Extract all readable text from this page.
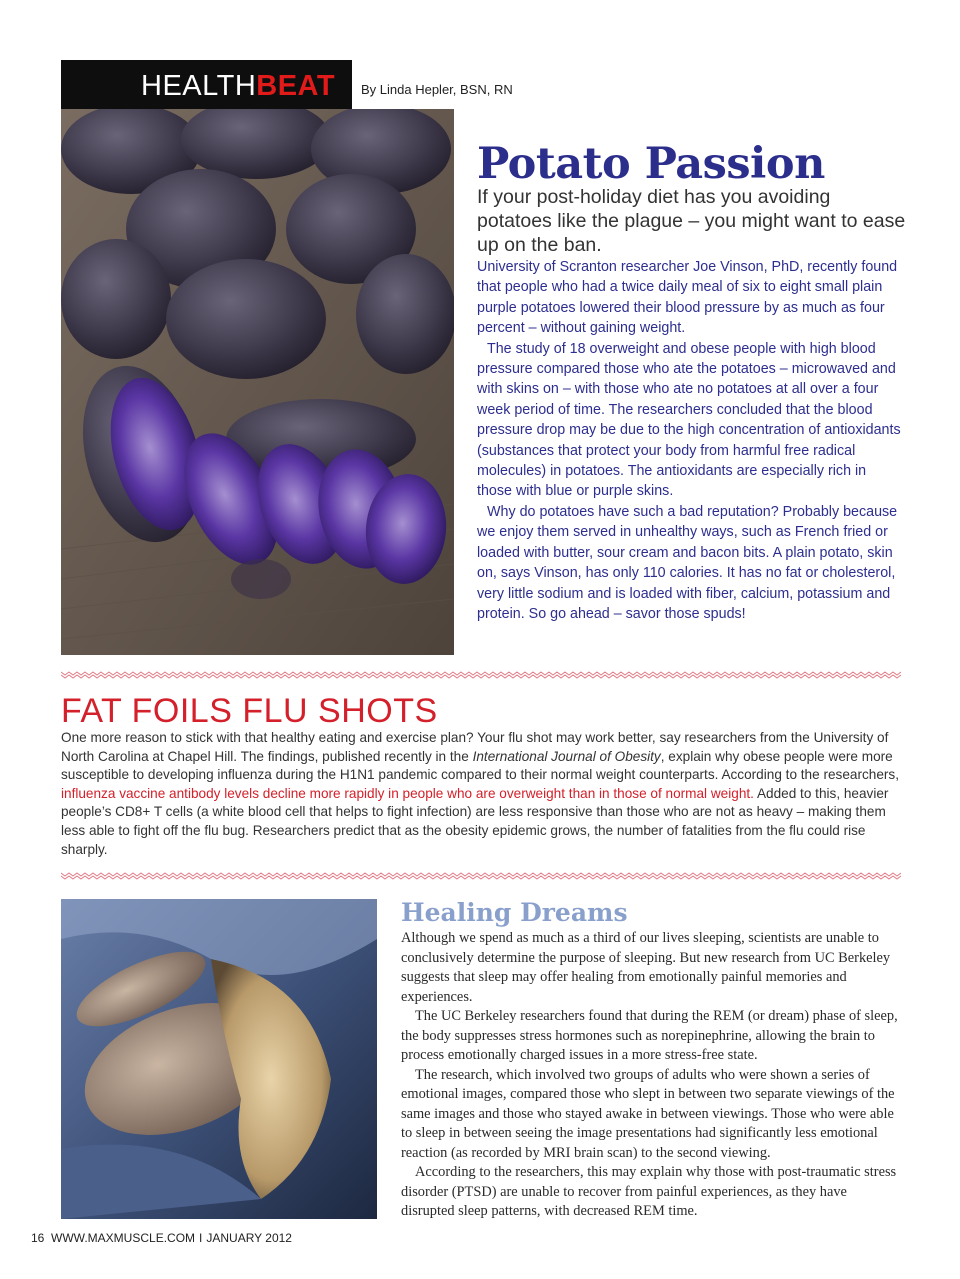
HEALTHBEAT By Linda Hepler, BSN, RN
Potato Passion
If your post-holiday diet has you avoiding potatoes like the plague – you might want to ease up on the ban.

University of Scranton researcher Joe Vinson, PhD, recently found that people who had a twice daily meal of six to eight small plain purple potatoes lowered their blood pressure by as much as four percent – without gaining weight.

The study of 18 overweight and obese people with high blood pressure compared those who ate the potatoes – microwaved and with skins on – with those who ate no potatoes at all over a four week period of time. The researchers concluded that the blood pressure drop may be due to the high concentration of antioxidants (substances that protect your body from harmful free radical molecules) in potatoes. The antioxidants are especially rich in those with blue or purple skins.

Why do potatoes have such a bad reputation? Probably because we enjoy them served in unhealthy ways, such as French fried or loaded with butter, sour cream and bacon bits. A plain potato, skin on, says Vinson, has only 110 calories. It has no fat or cholesterol, very little sodium and is loaded with fiber, calcium, potassium and protein. So go ahead – savor those spuds!

FAT FOILS FLU SHOTS
One more reason to stick with that healthy eating and exercise plan? Your flu shot may work better, say researchers from the University of North Carolina at Chapel Hill. The findings, published recently in the International Journal of Obesity, explain why obese people were more susceptible to developing influenza during the H1N1 pandemic compared to their normal weight counterparts. According to the researchers, influenza vaccine antibody levels decline more rapidly in people who are overweight than in those of normal weight. Added to this, heavier people’s CD8+ T cells (a white blood cell that helps to fight infection) are less responsive than those who are not as heavy – making them less able to fight off the flu bug. Researchers predict that as the obesity epidemic grows, the number of fatalities from the flu could rise sharply.
Healing Dreams

Although we spend as much as a third of our lives sleeping, scientists are unable to conclusively determine the purpose of sleeping. But new research from UC Berkeley suggests that sleep may offer healing from emotionally painful memories and experiences.

The UC Berkeley researchers found that during the REM (or dream) phase of sleep, the body suppresses stress hormones such as norepinephrine, allowing the brain to process emotionally charged issues in a more stress-free state.

The research, which involved two groups of adults who were shown a series of emotional images, compared those who slept in between two separate viewings of the same images and those who stayed awake in between viewings. Those who were able to sleep in between seeing the image presentations had significantly less emotional reaction (as recorded by MRI brain scan) to the second viewing.

According to the researchers, this may explain why those with post-traumatic stress disorder (PTSD) are unable to recover from painful experiences, as they have disrupted sleep patterns, with decreased REM time.

16 WWW.MAXMUSCLE.COM I JANUARY 2012
